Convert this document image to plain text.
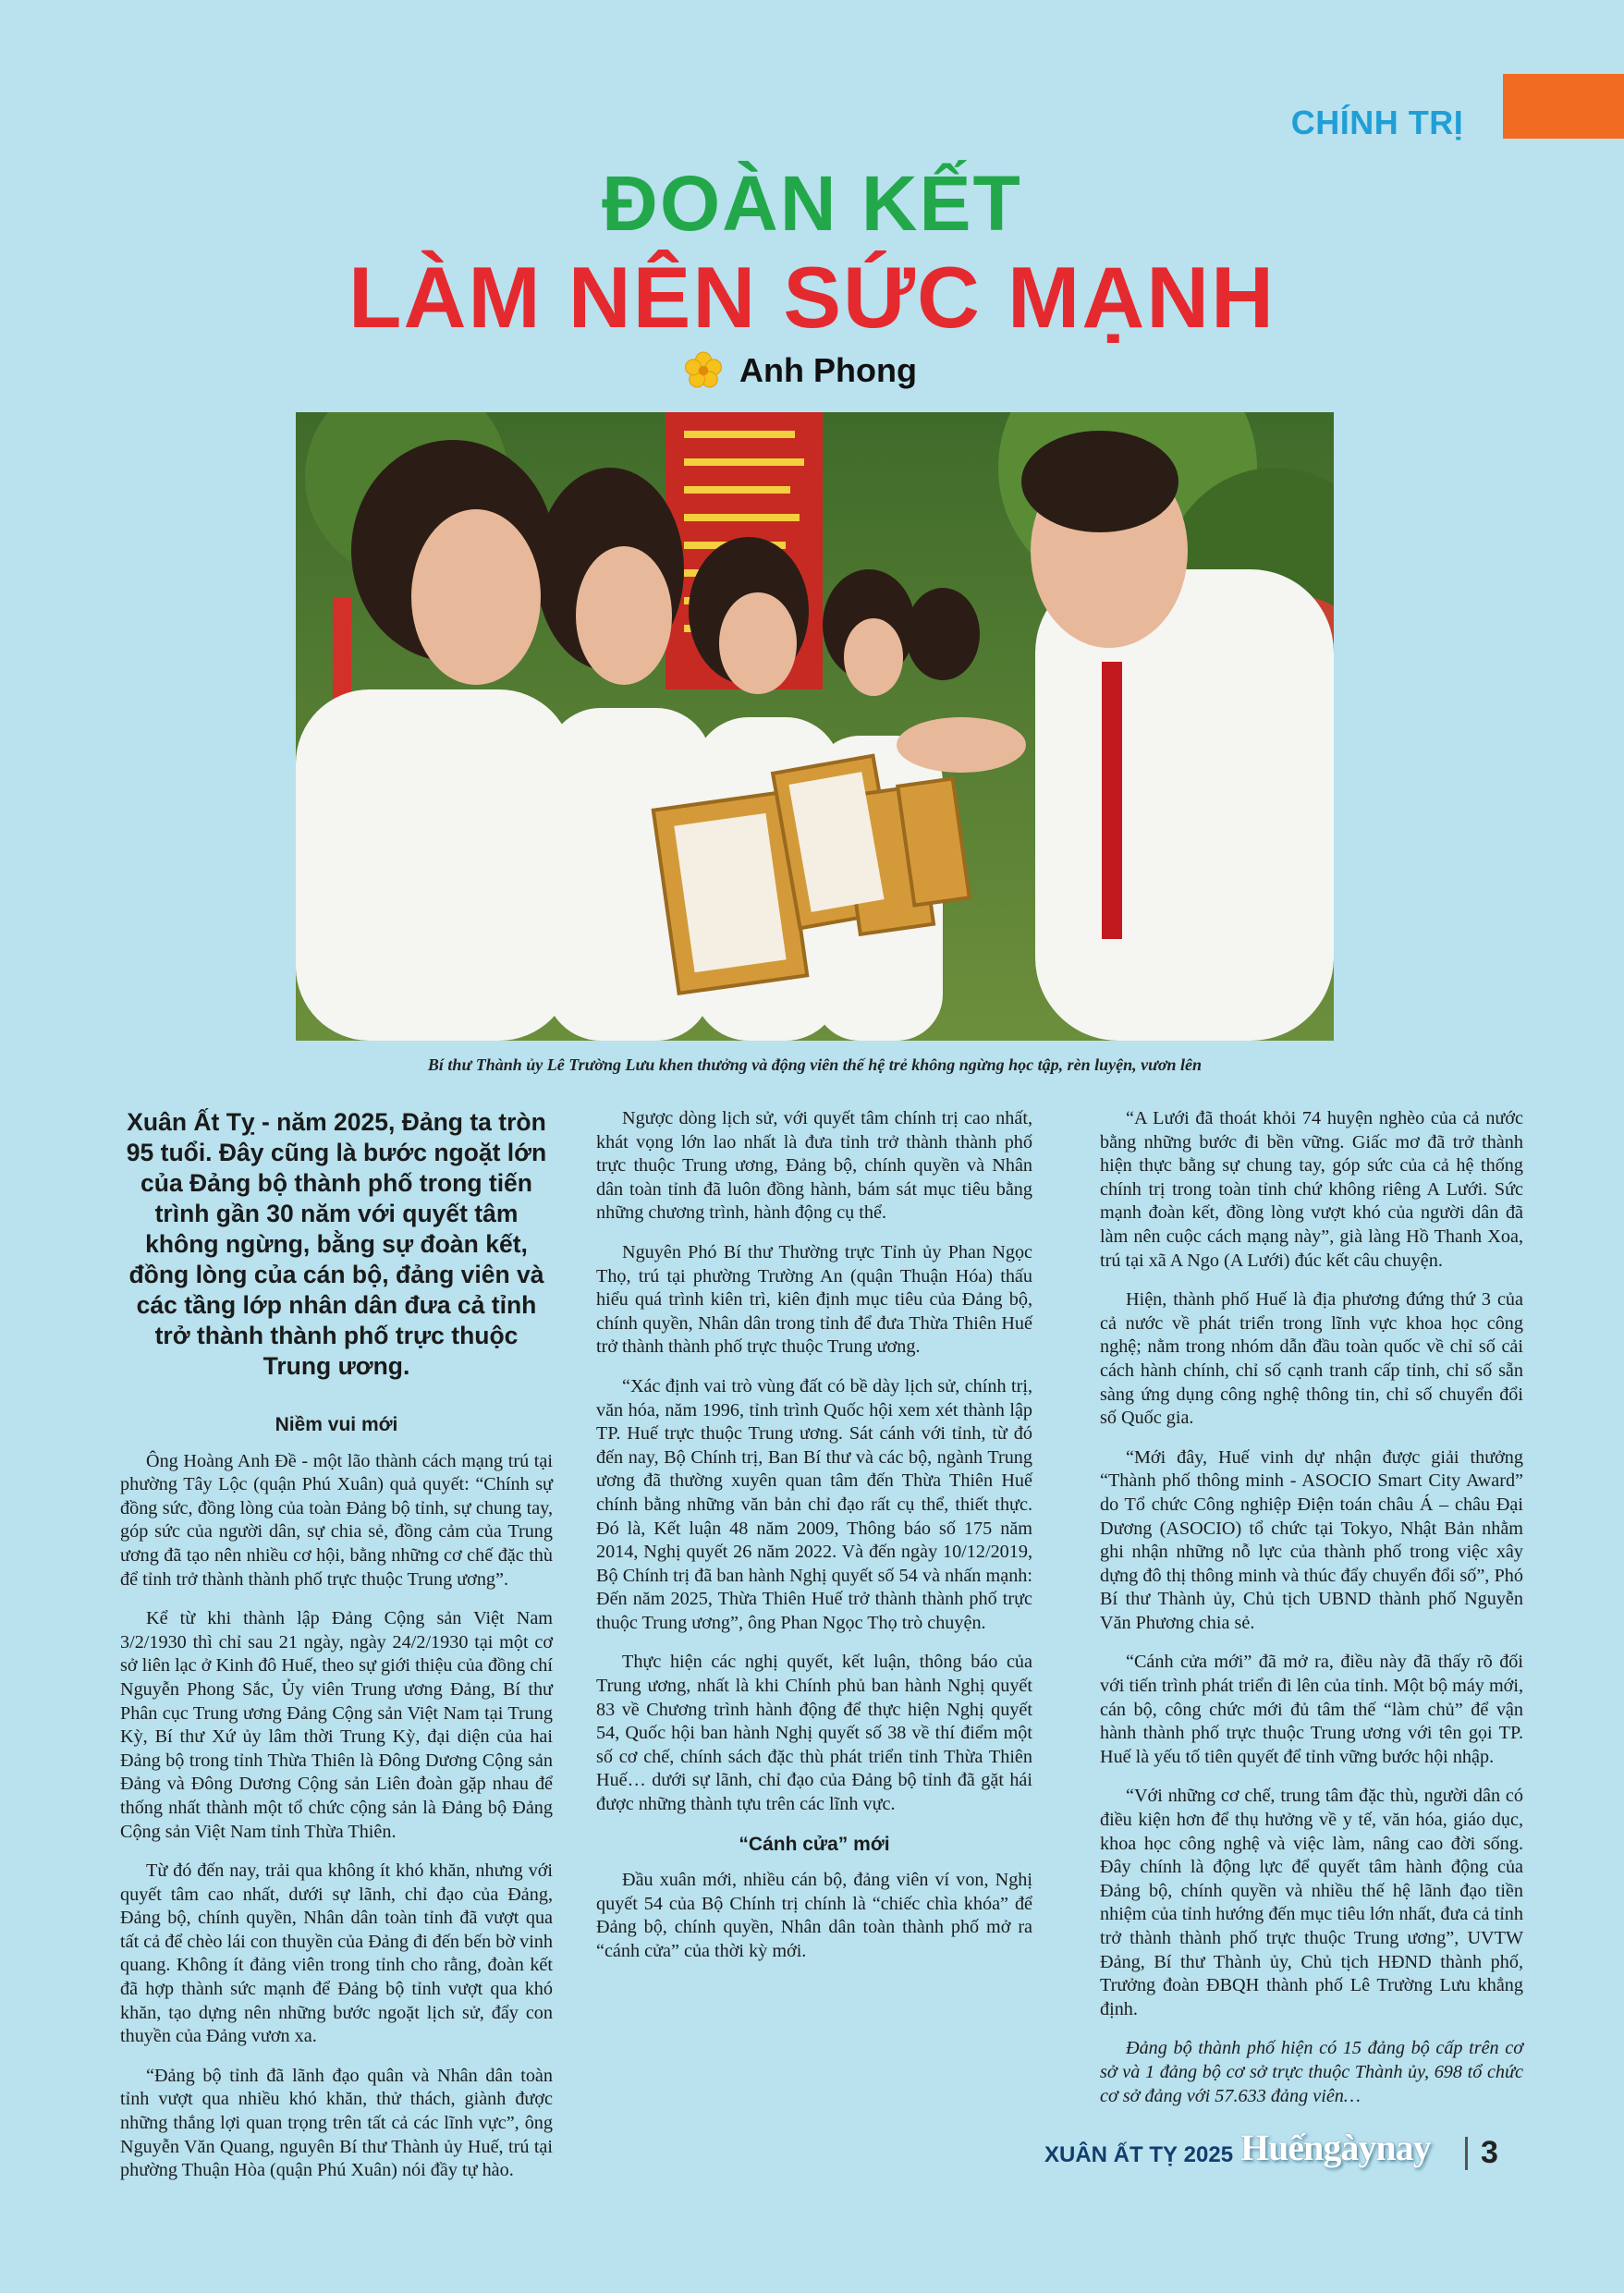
CHÍNH TRỊ
ĐOÀN KẾT
LÀM NÊN SỨC MẠNH
Anh Phong
Bí thư Thành ủy Lê Trường Lưu khen thưởng và động viên thế hệ trẻ không ngừng học tập, rèn luyện, vươn lên
Xuân Ất Tỵ - năm 2025, Đảng ta tròn 95 tuổi. Đây cũng là bước ngoặt lớn của Đảng bộ thành phố trong tiến trình gần 30 năm với quyết tâm không ngừng, bằng sự đoàn kết, đồng lòng của cán bộ, đảng viên và các tầng lớp nhân dân đưa cả tỉnh trở thành thành phố trực thuộc Trung ương.
Niềm vui mới

Ông Hoàng Anh Đề - một lão thành cách mạng trú tại phường Tây Lộc (quận Phú Xuân) quả quyết: “Chính sự đồng sức, đồng lòng của toàn Đảng bộ tỉnh, sự chung tay, góp sức của người dân, sự chia sẻ, đồng cảm của Trung ương đã tạo nên nhiều cơ hội, bằng những cơ chế đặc thù để tỉnh trở thành thành phố trực thuộc Trung ương”.

Kể từ khi thành lập Đảng Cộng sản Việt Nam 3/2/1930 thì chỉ sau 21 ngày, ngày 24/2/1930 tại một cơ sở liên lạc ở Kinh đô Huế, theo sự giới thiệu của đồng chí Nguyễn Phong Sắc, Ủy viên Trung ương Đảng, Bí thư Phân cục Trung ương Đảng Cộng sản Việt Nam tại Trung Kỳ, Bí thư Xứ ủy lâm thời Trung Kỳ, đại diện của hai Đảng bộ trong tỉnh Thừa Thiên là Đông Dương Cộng sản Đảng và Đông Dương Cộng sản Liên đoàn gặp nhau để thống nhất thành một tổ chức cộng sản là Đảng bộ Đảng Cộng sản Việt Nam tỉnh Thừa Thiên.

Từ đó đến nay, trải qua không ít khó khăn, nhưng với quyết tâm cao nhất, dưới sự lãnh, chỉ đạo của Đảng, Đảng bộ, chính quyền, Nhân dân toàn tỉnh đã vượt qua tất cả để chèo lái con thuyền của Đảng đi đến bến bờ vinh quang. Không ít đảng viên trong tỉnh cho rằng, đoàn kết đã hợp thành sức mạnh để Đảng bộ tỉnh vượt qua khó khăn, tạo dựng nên những bước ngoặt lịch sử, đẩy con thuyền của Đảng vươn xa.

“Đảng bộ tỉnh đã lãnh đạo quân và Nhân dân toàn tỉnh vượt qua nhiều khó khăn, thử thách, giành được những thắng lợi quan trọng trên tất cả các lĩnh vực”, ông Nguyễn Văn Quang, nguyên Bí thư Thành ủy Huế, trú tại phường Thuận Hòa (quận Phú Xuân) nói đầy tự hào.

Ngược dòng lịch sử, với quyết tâm chính trị cao nhất, khát vọng lớn lao nhất là đưa tỉnh trở thành thành phố trực thuộc Trung ương, Đảng bộ, chính quyền và Nhân dân toàn tỉnh đã luôn đồng hành, bám sát mục tiêu bằng những chương trình, hành động cụ thể.

Nguyên Phó Bí thư Thường trực Tỉnh ủy Phan Ngọc Thọ, trú tại phường Trường An (quận Thuận Hóa) thấu hiểu quá trình kiên trì, kiên định mục tiêu của Đảng bộ, chính quyền, Nhân dân trong tỉnh để đưa Thừa Thiên Huế trở thành thành phố trực thuộc Trung ương.

“Xác định vai trò vùng đất có bề dày lịch sử, chính trị, văn hóa, năm 1996, tỉnh trình Quốc hội xem xét thành lập TP. Huế trực thuộc Trung ương. Sát cánh với tỉnh, từ đó đến nay, Bộ Chính trị, Ban Bí thư và các bộ, ngành Trung ương đã thường xuyên quan tâm đến Thừa Thiên Huế chính bằng những văn bản chỉ đạo rất cụ thể, thiết thực. Đó là, Kết luận 48 năm 2009, Thông báo số 175 năm 2014, Nghị quyết 26 năm 2022. Và đến ngày 10/12/2019, Bộ Chính trị đã ban hành Nghị quyết số 54 và nhấn mạnh: Đến năm 2025, Thừa Thiên Huế trở thành thành phố trực thuộc Trung ương”, ông Phan Ngọc Thọ trò chuyện.

Thực hiện các nghị quyết, kết luận, thông báo của Trung ương, nhất là khi Chính phủ ban hành Nghị quyết 83 về Chương trình hành động để thực hiện Nghị quyết 54, Quốc hội ban hành Nghị quyết số 38 về thí điểm một số cơ chế, chính sách đặc thù phát triển tỉnh Thừa Thiên Huế… dưới sự lãnh, chỉ đạo của Đảng bộ tỉnh đã gặt hái được những thành tựu trên các lĩnh vực.

“Cánh cửa” mới

Đầu xuân mới, nhiều cán bộ, đảng viên ví von, Nghị quyết 54 của Bộ Chính trị chính là “chiếc chìa khóa” để Đảng bộ, chính quyền, Nhân dân toàn thành phố mở ra “cánh cửa” của thời kỳ mới.

“A Lưới đã thoát khỏi 74 huyện nghèo của cả nước bằng những bước đi bền vững. Giấc mơ đã trở thành hiện thực bằng sự chung tay, góp sức của cả hệ thống chính trị trong toàn tỉnh chứ không riêng A Lưới. Sức mạnh đoàn kết, đồng lòng vượt khó của người dân đã làm nên cuộc cách mạng này”, già làng Hồ Thanh Xoa, trú tại xã A Ngo (A Lưới) đúc kết câu chuyện.

Hiện, thành phố Huế là địa phương đứng thứ 3 của cả nước về phát triển trong lĩnh vực khoa học công nghệ; nằm trong nhóm dẫn đầu toàn quốc về chỉ số cải cách hành chính, chỉ số cạnh tranh cấp tỉnh, chỉ số sẵn sàng ứng dụng công nghệ thông tin, chỉ số chuyển đổi số Quốc gia.

“Mới đây, Huế vinh dự nhận được giải thưởng “Thành phố thông minh - ASOCIO Smart City Award” do Tổ chức Công nghiệp Điện toán châu Á – châu Đại Dương (ASOCIO) tổ chức tại Tokyo, Nhật Bản nhằm ghi nhận những nỗ lực của thành phố trong việc xây dựng đô thị thông minh và thúc đẩy chuyển đổi số”, Phó Bí thư Thành ủy, Chủ tịch UBND thành phố Nguyễn Văn Phương chia sẻ.

“Cánh cửa mới” đã mở ra, điều này đã thấy rõ đối với tiến trình phát triển đi lên của tỉnh. Một bộ máy mới, cán bộ, công chức mới đủ tâm thế “làm chủ” để vận hành thành phố trực thuộc Trung ương với tên gọi TP. Huế là yếu tố tiên quyết để tỉnh vững bước hội nhập.

“Với những cơ chế, trung tâm đặc thù, người dân có điều kiện hơn để thụ hưởng về y tế, văn hóa, giáo dục, khoa học công nghệ và việc làm, nâng cao đời sống. Đây chính là động lực để quyết tâm hành động của Đảng bộ, chính quyền và nhiều thế hệ lãnh đạo tiền nhiệm của tỉnh hướng đến mục tiêu lớn nhất, đưa cả tỉnh trở thành thành phố trực thuộc Trung ương”, UVTW Đảng, Bí thư Thành ủy, Chủ tịch HĐND thành phố, Trưởng đoàn ĐBQH thành phố Lê Trường Lưu khẳng định.

Đảng bộ thành phố hiện có 15 đảng bộ cấp trên cơ sở và 1 đảng bộ cơ sở trực thuộc Thành ủy, 698 tổ chức cơ sở đảng với 57.633 đảng viên…

XUÂN ẤT TỴ 2025 Huếngàynay 3
